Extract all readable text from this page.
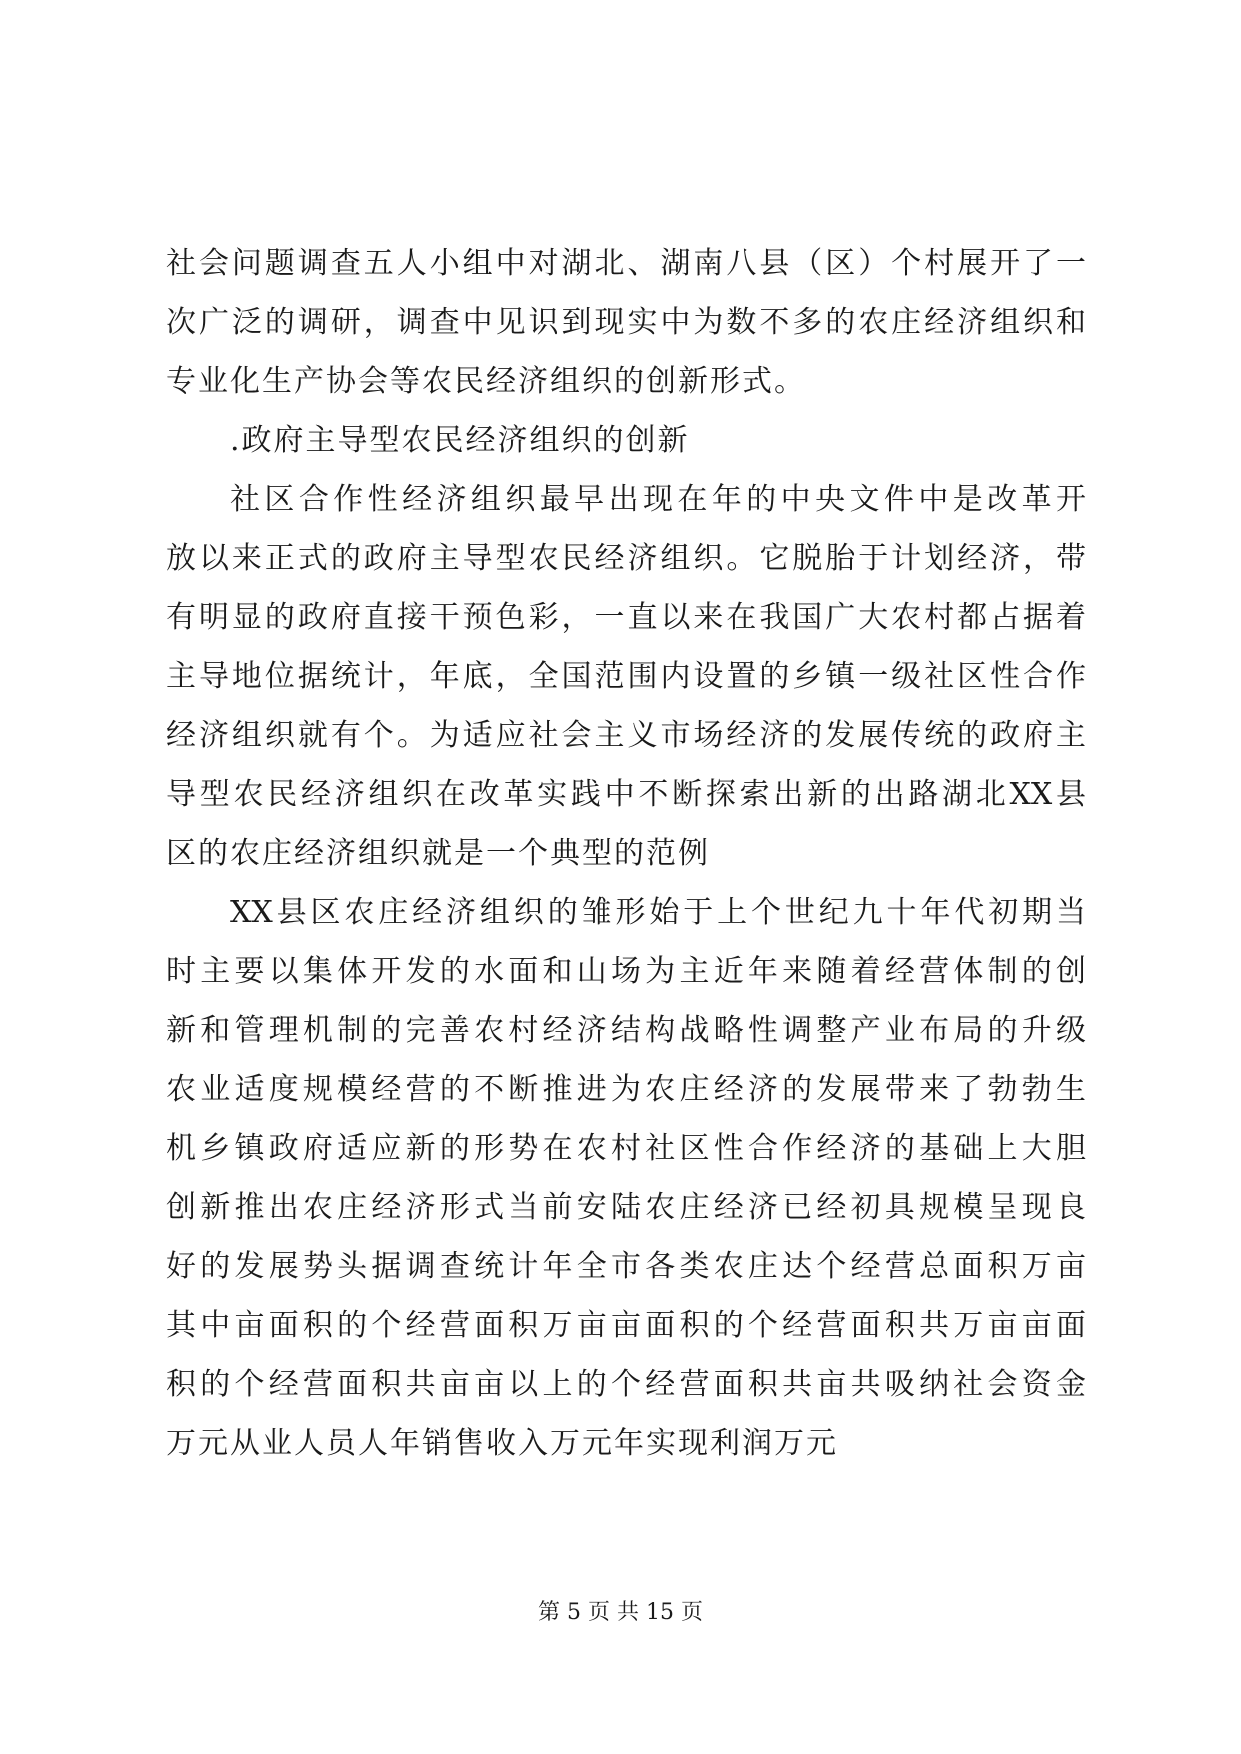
社会问题调查五人小组中对湖北、湖南八县（区）个村展开了一
次广泛的调研，调查中见识到现实中为数不多的农庄经济组织和
专业化生产协会等农民经济组织的创新形式。
.政府主导型农民经济组织的创新
社区合作性经济组织最早出现在年的中央文件中是改革开
放以来正式的政府主导型农民经济组织。它脱胎于计划经济，带
有明显的政府直接干预色彩，一直以来在我国广大农村都占据着
主导地位据统计，年底，全国范围内设置的乡镇一级社区性合作
经济组织就有个。为适应社会主义市场经济的发展传统的政府主
导型农民经济组织在改革实践中不断探索出新的出路湖北XX县
区的农庄经济组织就是一个典型的范例
XX县区农庄经济组织的雏形始于上个世纪九十年代初期当
时主要以集体开发的水面和山场为主近年来随着经营体制的创
新和管理机制的完善农村经济结构战略性调整产业布局的升级
农业适度规模经营的不断推进为农庄经济的发展带来了勃勃生
机乡镇政府适应新的形势在农村社区性合作经济的基础上大胆
创新推出农庄经济形式当前安陆农庄经济已经初具规模呈现良
好的发展势头据调查统计年全市各类农庄达个经营总面积万亩
其中亩面积的个经营面积万亩亩面积的个经营面积共万亩亩面
积的个经营面积共亩亩以上的个经营面积共亩共吸纳社会资金
万元从业人员人年销售收入万元年实现利润万元
第 5 页 共 15 页
